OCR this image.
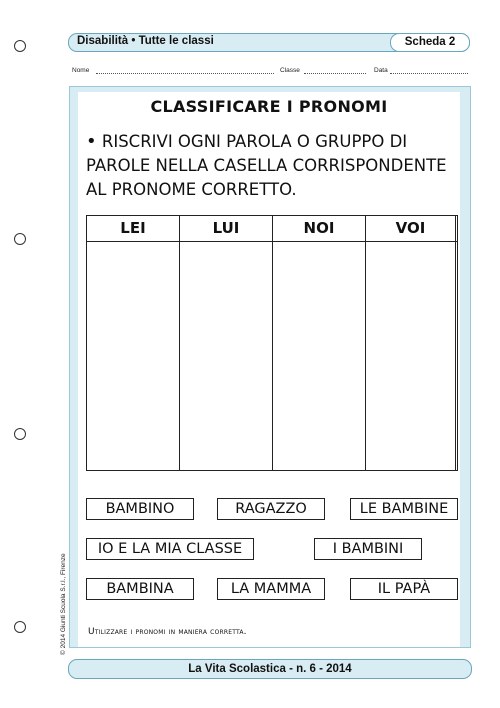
Disabilità • Tutte le classi	Scheda 2
Nome	Classe	Data
CLASSIFICARE I PRONOMI
• RISCRIVI OGNI PAROLA O GRUPPO DI PAROLE NELLA CASELLA CORRISPONDENTE AL PRONOME CORRETTO.
LEI	LUI	NOI	VOI
BAMBINO	RAGAZZO	LE BAMBINE
IO E LA MIA CLASSE	I BAMBINI
BAMBINA	LA MAMMA	IL PAPÀ
Utilizzare i pronomi in maniera corretta.
© 2014 Giunti Scuola S.r.l., Firenze
La Vita Scolastica - n. 6 - 2014
